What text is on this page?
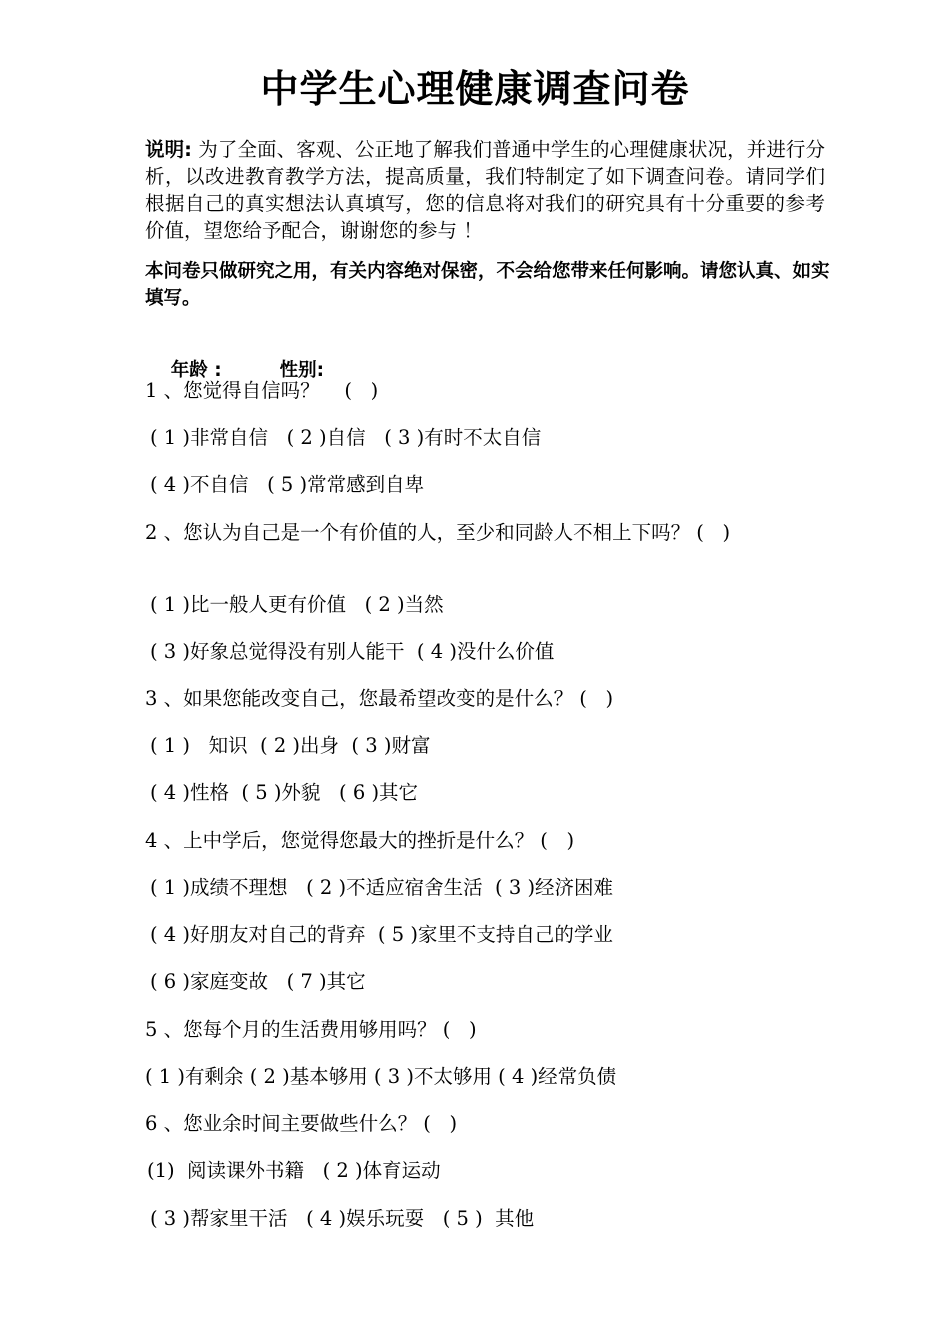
中学生心理健康调查问卷
说明: 为了全面、客观、公正地了解我们普通中学生的心理健康状况，并进行分析，以改进教育教学方法，提高质量，我们特制定了如下调查问卷。请同学们根据自己的真实想法认真填写，您的信息将对我们的研究具有十分重要的参考价值，望您给予配合，谢谢您的参与 ！
本问卷只做研究之用，有关内容绝对保密，不会给您带来任何影响。请您认真、如实填写。

年龄 :	性别:

1 、您觉得自信吗？    (   )
( 1 )非常自信   ( 2 )自信   ( 3 )有时不太自信
( 4 )不自信   ( 5 )常常感到自卑
2 、您认为自己是一个有价值的人，至少和同龄人不相上下吗？ (   )
( 1 )比一般人更有价值   ( 2 )当然
( 3 )好象总觉得没有别人能干  ( 4 )没什么价值
3 、如果您能改变自己，您最希望改变的是什么？ (   )
( 1 )   知识  ( 2 )出身  ( 3 )财富
( 4 )性格  ( 5 )外貌   ( 6 )其它
4 、上中学后，您觉得您最大的挫折是什么？ (   )
( 1 )成绩不理想   ( 2 )不适应宿舍生活  ( 3 )经济困难
( 4 )好朋友对自己的背弃  ( 5 )家里不支持自己的学业
( 6 )家庭变故   ( 7 )其它
5 、您每个月的生活费用够用吗？ (   )
( 1 )有剩余 ( 2 )基本够用 ( 3 )不太够用 ( 4 )经常负债
6 、您业余时间主要做些什么？ (   )
(1)  阅读课外书籍   ( 2 )体育运动
( 3 )帮家里干活   ( 4 )娱乐玩耍   ( 5 )  其他
